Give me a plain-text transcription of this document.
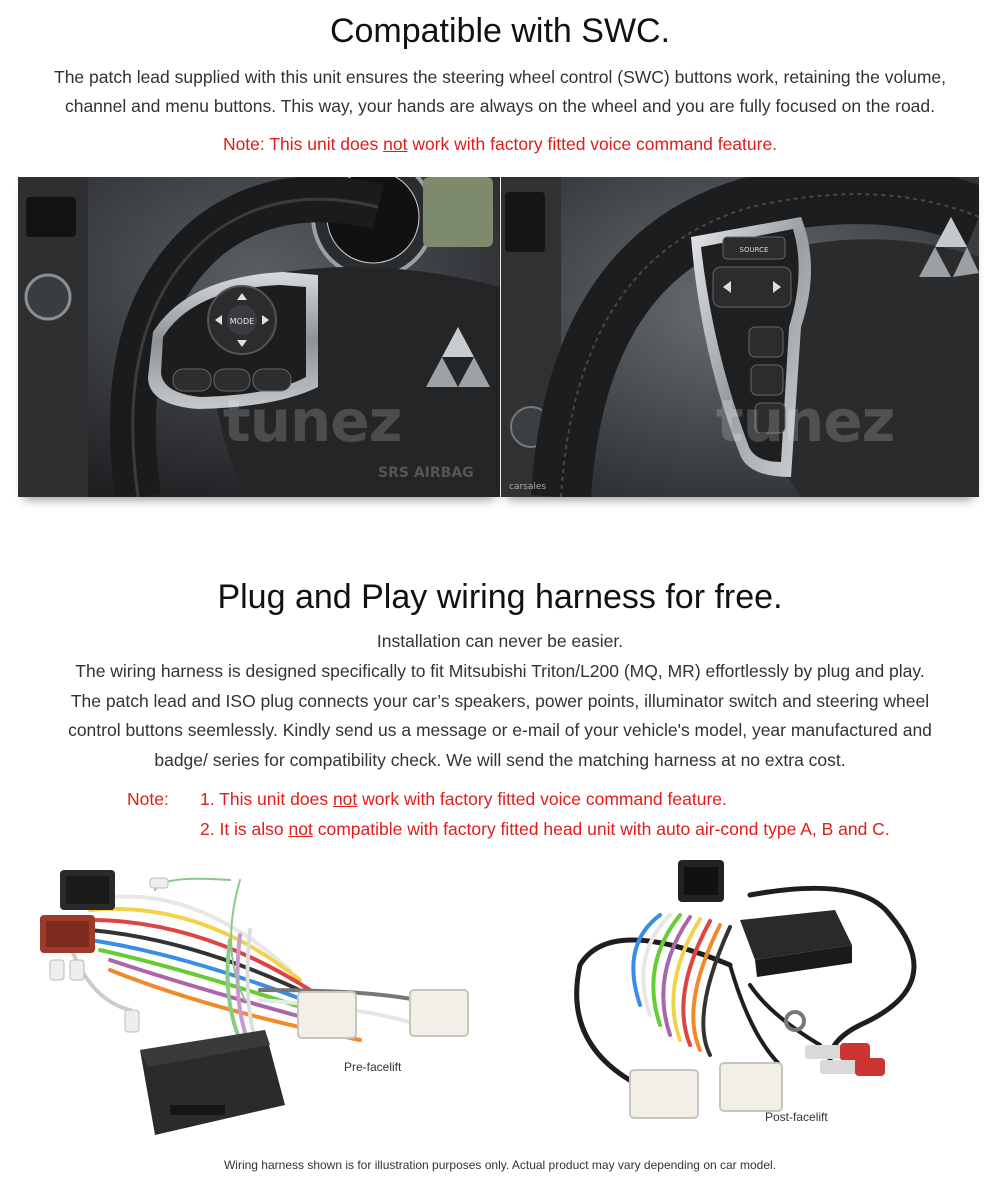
Compatible with SWC.
The patch lead supplied with this unit ensures the steering wheel control (SWC) buttons work, retaining the volume,
channel and menu buttons. This way, your hands are always on the wheel and you are fully focused on the road.
Note: This unit does not work with factory fitted voice command feature.
MODE
SRS AIRBAG
tunez
SOURCE
carsales
tunez
Plug and Play wiring harness for free.
Installation can never be easier.
The wiring harness is designed specifically to fit Mitsubishi Triton/L200 (MQ, MR) effortlessly by plug and play.
The patch lead and ISO plug connects your car’s speakers, power points, illuminator switch and steering wheel
control buttons seemlessly. Kindly send us a message or e-mail of your vehicle's model, year manufactured and
badge/ series for compatibility check. We will send the matching harness at no extra cost.
Note: 1. This unit does not work with factory fitted voice command feature.
2. It is also not compatible with factory fitted head unit with auto air-cond type A, B and C.
Pre-facelift
Post-facelift
Wiring harness shown is for illustration purposes only. Actual product may vary depending on car model.
